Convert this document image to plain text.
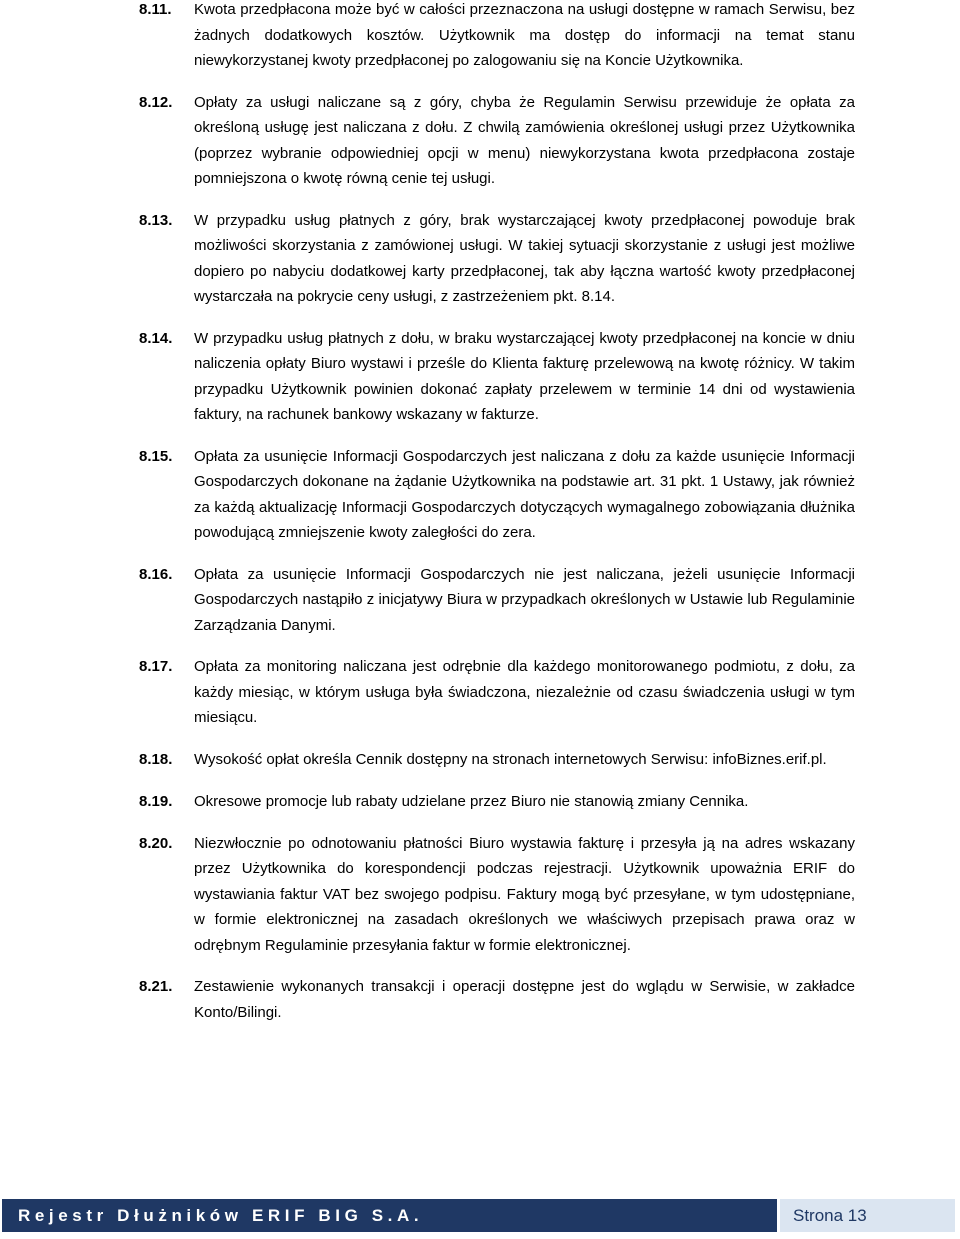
8.11.	Kwota przedpłacona może być w całości przeznaczona na usługi dostępne w ramach Serwisu, bez żadnych dodatkowych kosztów. Użytkownik ma dostęp do informacji na temat stanu niewykorzystanej kwoty przedpłaconej po zalogowaniu się na Koncie Użytkownika.
8.12.	Opłaty za usługi naliczane są z góry, chyba że Regulamin Serwisu przewiduje że opłata za określoną usługę jest naliczana z dołu. Z chwilą zamówienia określonej usługi przez Użytkownika (poprzez wybranie odpowiedniej opcji w menu) niewykorzystana kwota przedpłacona zostaje pomniejszona o kwotę równą cenie tej usługi.
8.13.	W przypadku usług płatnych z góry, brak wystarczającej kwoty przedpłaconej powoduje brak możliwości skorzystania z zamówionej usługi. W takiej sytuacji skorzystanie z usługi jest możliwe dopiero po nabyciu dodatkowej karty przedpłaconej, tak aby łączna wartość kwoty przedpłaconej wystarczała na pokrycie ceny usługi, z zastrzeżeniem pkt. 8.14.
8.14.	W przypadku usług płatnych z dołu, w braku wystarczającej kwoty przedpłaconej na koncie w dniu naliczenia opłaty Biuro wystawi i prześle do Klienta fakturę przelewową na kwotę różnicy. W takim przypadku Użytkownik powinien dokonać zapłaty przelewem w terminie 14 dni od wystawienia faktury, na rachunek bankowy wskazany w fakturze.
8.15.	Opłata za usunięcie Informacji Gospodarczych jest naliczana z dołu za każde usunięcie Informacji Gospodarczych dokonane na żądanie Użytkownika na podstawie art. 31 pkt. 1 Ustawy, jak również za każdą aktualizację Informacji Gospodarczych dotyczących wymagalnego zobowiązania dłużnika powodującą zmniejszenie kwoty zaległości do zera.
8.16.	Opłata za usunięcie Informacji Gospodarczych nie jest naliczana, jeżeli usunięcie Informacji Gospodarczych nastąpiło z inicjatywy Biura w przypadkach określonych w Ustawie lub Regulaminie Zarządzania Danymi.
8.17.	Opłata za monitoring naliczana jest odrębnie dla każdego monitorowanego podmiotu, z dołu, za każdy miesiąc, w którym usługa była świadczona, niezależnie od czasu świadczenia usługi w tym miesiącu.
8.18.	Wysokość opłat określa Cennik dostępny na stronach internetowych Serwisu: infoBiznes.erif.pl.
8.19.	Okresowe promocje lub rabaty udzielane przez Biuro nie stanowią zmiany Cennika.
8.20.	Niezwłocznie po odnotowaniu płatności Biuro wystawia fakturę i przesyła ją na adres wskazany przez Użytkownika do korespondencji podczas rejestracji. Użytkownik upoważnia ERIF do wystawiania faktur VAT bez swojego podpisu. Faktury mogą być przesyłane, w tym udostępniane, w formie elektronicznej na zasadach określonych we właściwych przepisach prawa oraz w odrębnym Regulaminie przesyłania faktur w formie elektronicznej.
8.21.	Zestawienie wykonanych transakcji i operacji dostępne jest do wglądu w Serwisie, w zakładce Konto/Bilingi.
Rejestr Dłużników ERIF BIG S.A.	Strona 13
